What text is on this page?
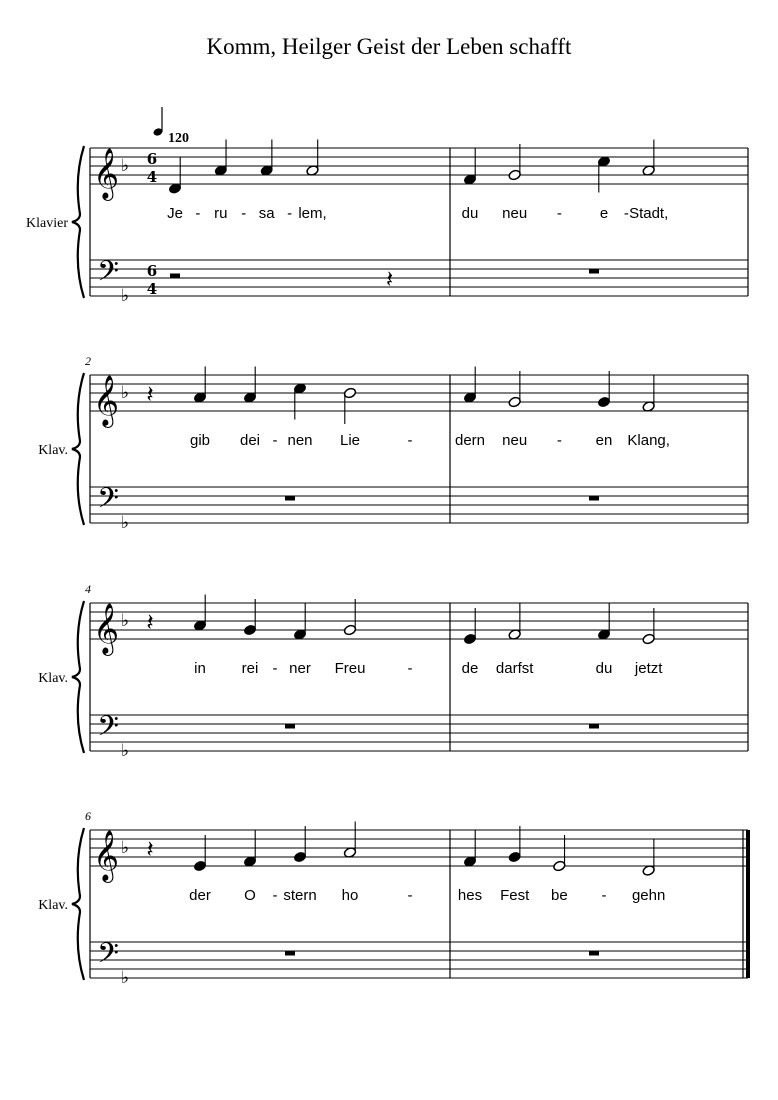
Komm, Heilger Geist der Leben schafft
Klavier
𝄞
𝄢
♭
♭
6
4
6
4
120
𝄽
Je ru sa lem,	du neu	e Stadt,
-	-	-	-	-
Klav.
2
𝄞
𝄢
♭
♭
𝄽
gib dei nen Lie	dern neu	en Klang,
-	-	-
Klav.
4
𝄞
𝄢
♭
♭
𝄽
in rei ner Freu	de darfst	du jetzt
-	-
Klav.
6
𝄞
𝄢
♭
♭
𝄽
der O stern ho	hes Fest be	gehn
-	-	-
